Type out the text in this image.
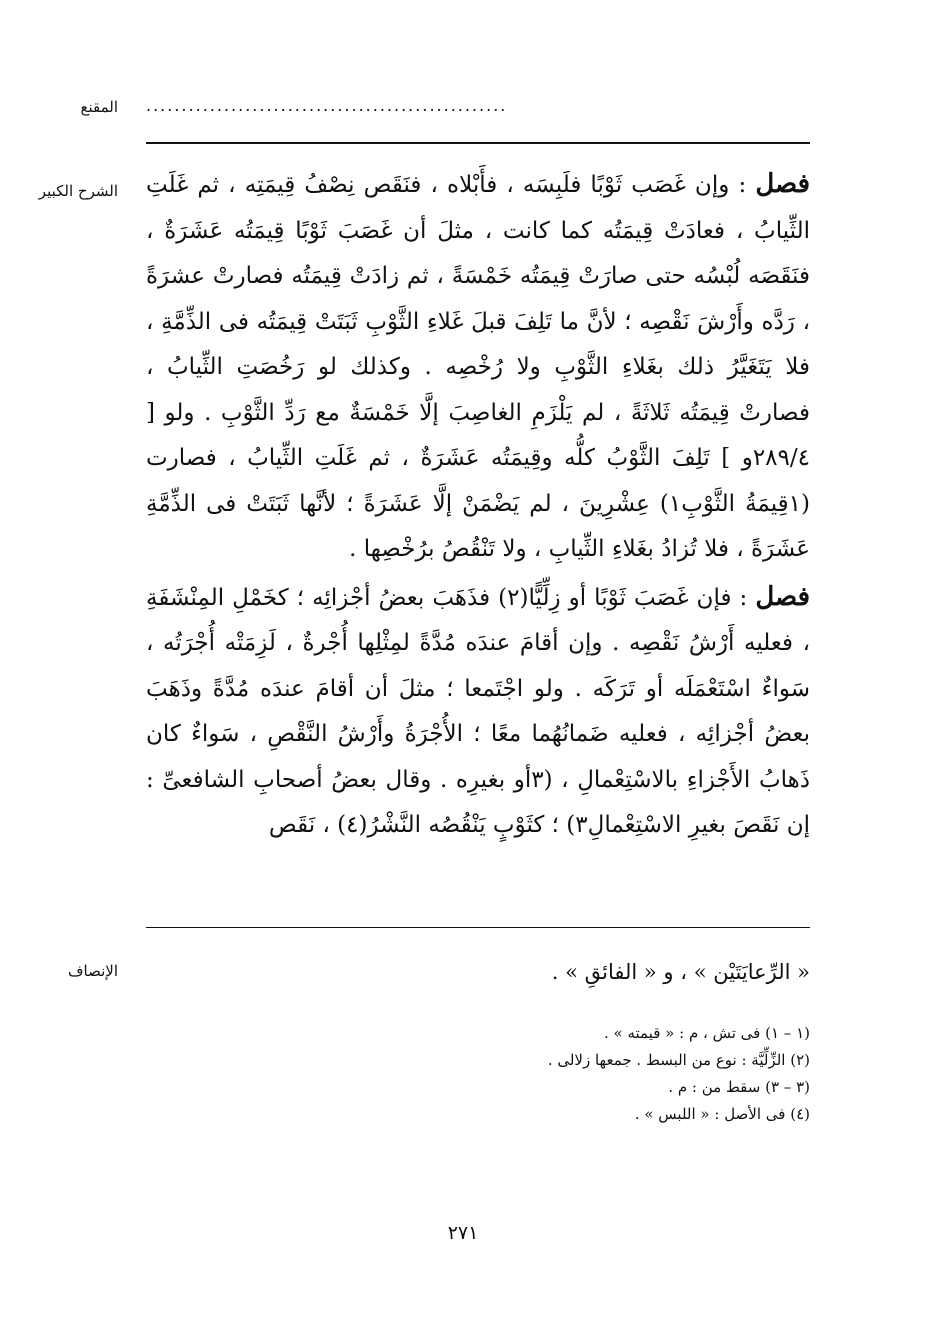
المقنع ...................................................
الشرح الكبير	فصل : وإن غَصَب ثَوْبًا فلَبِسَه ، فأَبْلاه ، فنَقَص نِصْفُ قِيمَتِه ، ثم غَلَتِ الثِّيابُ ، فعادَتْ قِيمَتُه كما كانت ، مثلَ أن غَصَبَ ثَوْبًا قِيمَتُه عَشَرَةٌ ، فنَقَصَه لُبْسُه حتى صارَتْ قِيمَتُه خَمْسَةً ، ثم زادَتْ قِيمَتُه فصارتْ عشرَةً ، رَدَّه وأَرْشَ نَقْصِه ؛ لأنَّ ما تَلِفَ قبلَ غَلاءِ الثَّوْبِ ثَبَتَتْ قِيمَتُه فى الذِّمَّةِ ، فلا يَتَغَيَّرُ ذلك بغَلاءِ الثَّوْبِ ولا رُخْصِه . وكذلك لو رَخُصَتِ الثِّيابُ ، فصارتْ قِيمَتُه ثَلاثَةً ، لم يَلْزَمِ الغاصِبَ إلَّا خَمْسَةٌ مع رَدِّ الثَّوْبِ . ولو [ ٢٨٩/٤و ] تَلِفَ الثَّوْبُ كلُّه وقِيمَتُه عَشَرَةٌ ، ثم غَلَتِ الثِّيابُ ، فصارت (١قِيمَةُ الثَّوْبِ١) عِشْرِينَ ، لم يَضْمَنْ إلَّا عَشَرَةً ؛ لأنَّها ثَبَتَتْ فى الذِّمَّةِ عَشَرَةً ، فلا تُزادُ بغَلاءِ الثِّيابِ ، ولا تَنْقُصُ برُخْصِها .

فصل : فإن غَصَبَ ثَوْبًا أو زِلِّيًّا(٢) فذَهَبَ بعضُ أجْزائِه ؛ كخَمْلِ المِنْشَفَةِ ، فعليه أَرْشُ نَقْصِه . وإن أقامَ عندَه مُدَّةً لمِثْلِها أُجْرةٌ ، لَزِمَتْه أُجْرَتُه ، سَواءٌ اسْتَعْمَلَه أو تَرَكَه . ولو اجْتَمعا ؛ مثلَ أن أقامَ عندَه مُدَّةً وذَهَبَ بعضُ أجْزائِه ، فعليه ضَمانُهُما معًا ؛ الأُجْرَةُ وأَرْشُ النَّقْصِ ، سَواءٌ كان ذَهابُ الأَجْزاءِ بالاسْتِعْمالِ ، (٣أو بغيرِه . وقال بعضُ أصحابِ الشافعىِّ : إن نَقَصَ بغيرِ الاسْتِعْمالِ٣) ؛ كثَوْبٍ يَنْقُصُه النَّشْرُ(٤) ، نَقَص

الإنصاف	« الرِّعايَتَيْن » ، و « الفائقِ » .
(١ – ١) فى تش ، م : « قيمته » .
(٢) الزِّلِّيَّة : نوع من البسط . جمعها زلالى .
(٣ – ٣) سقط من : م .
(٤) فى الأصل : « اللبس » .
٢٧١
